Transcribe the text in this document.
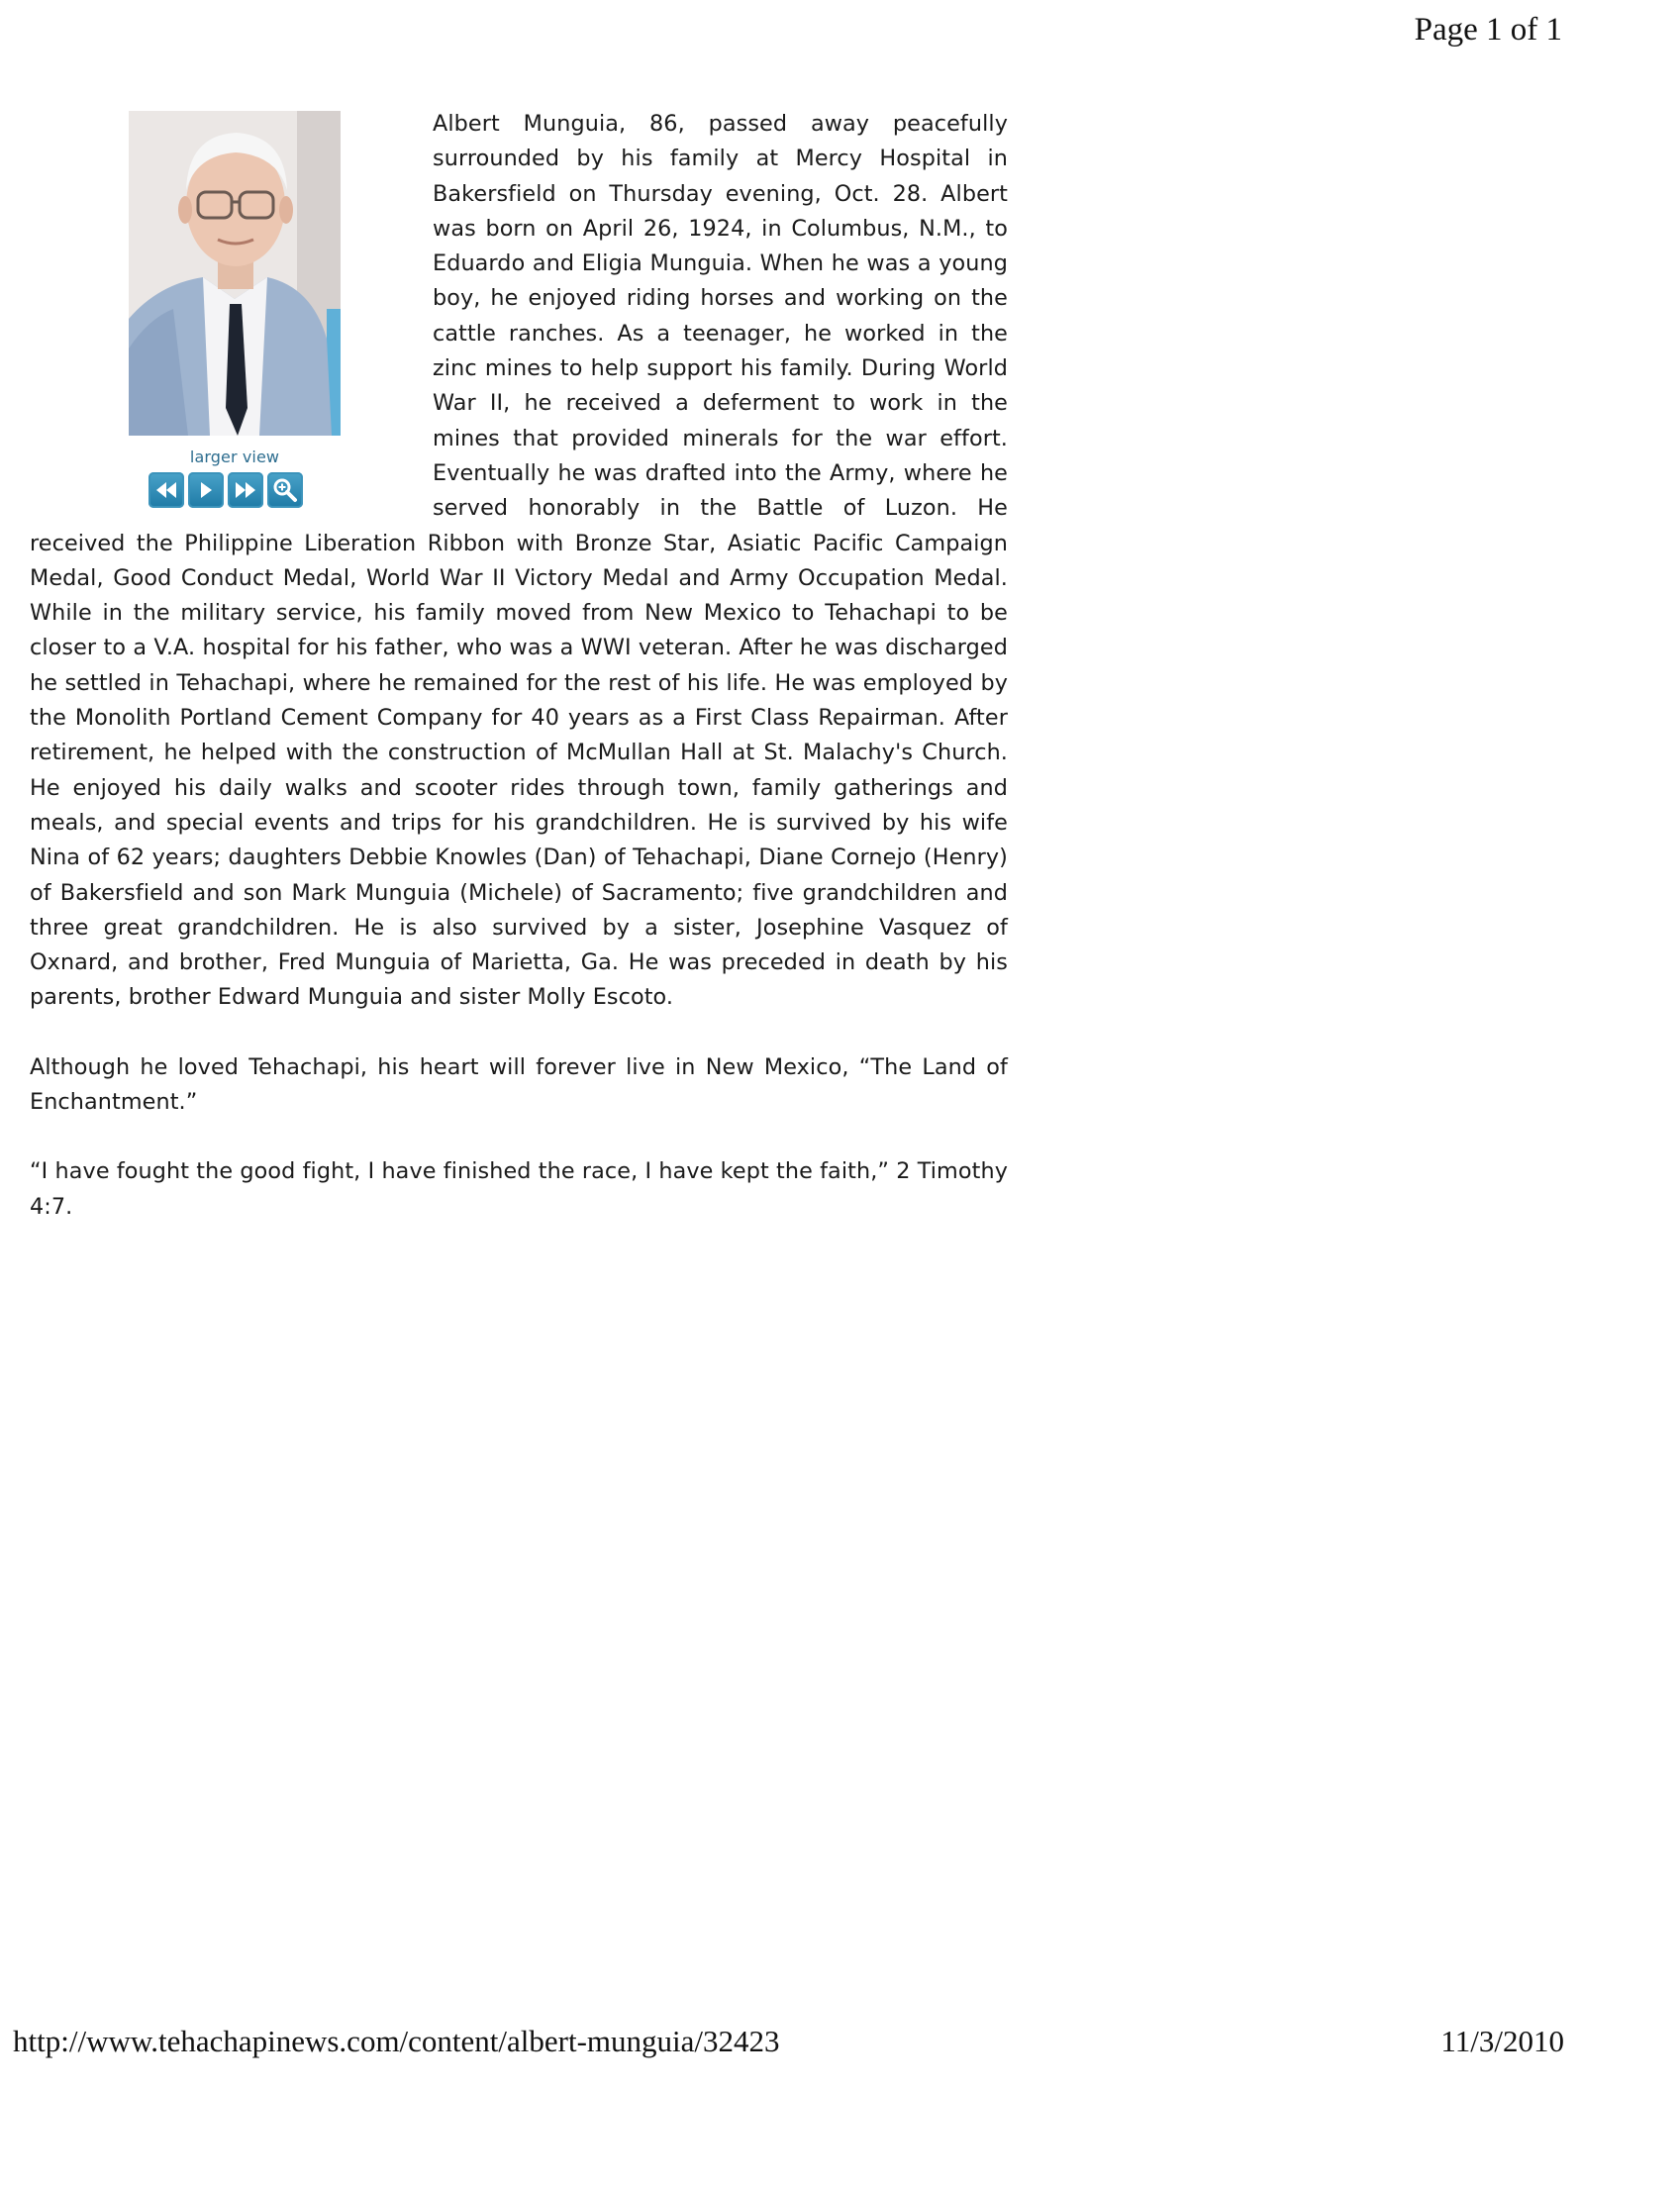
Page 1 of 1
larger view

Albert Munguia, 86, passed away peacefully surrounded by his family at Mercy Hospital in Bakersfield on Thursday evening, Oct. 28. Albert was born on April 26, 1924, in Columbus, N.M., to Eduardo and Eligia Munguia. When he was a young boy, he enjoyed riding horses and working on the cattle ranches. As a teenager, he worked in the zinc mines to help support his family. During World War II, he received a deferment to work in the mines that provided minerals for the war effort. Eventually he was drafted into the Army, where he served honorably in the Battle of Luzon. He received the Philippine Liberation Ribbon with Bronze Star, Asiatic Pacific Campaign Medal, Good Conduct Medal, World War II Victory Medal and Army Occupation Medal. While in the military service, his family moved from New Mexico to Tehachapi to be closer to a V.A. hospital for his father, who was a WWI veteran. After he was discharged he settled in Tehachapi, where he remained for the rest of his life. He was employed by the Monolith Portland Cement Company for 40 years as a First Class Repairman. After retirement, he helped with the construction of McMullan Hall at St. Malachy's Church. He enjoyed his daily walks and scooter rides through town, family gatherings and meals, and special events and trips for his grandchildren. He is survived by his wife Nina of 62 years; daughters Debbie Knowles (Dan) of Tehachapi, Diane Cornejo (Henry) of Bakersfield and son Mark Munguia (Michele) of Sacramento; five grandchildren and three great grandchildren. He is also survived by a sister, Josephine Vasquez of Oxnard, and brother, Fred Munguia of Marietta, Ga. He was preceded in death by his parents, brother Edward Munguia and sister Molly Escoto.

Although he loved Tehachapi, his heart will forever live in New Mexico, “The Land of Enchantment.”

“I have fought the good fight, I have finished the race, I have kept the faith,” 2 Timothy 4:7.

http://www.tehachapinews.com/content/albert-munguia/32423	11/3/2010
